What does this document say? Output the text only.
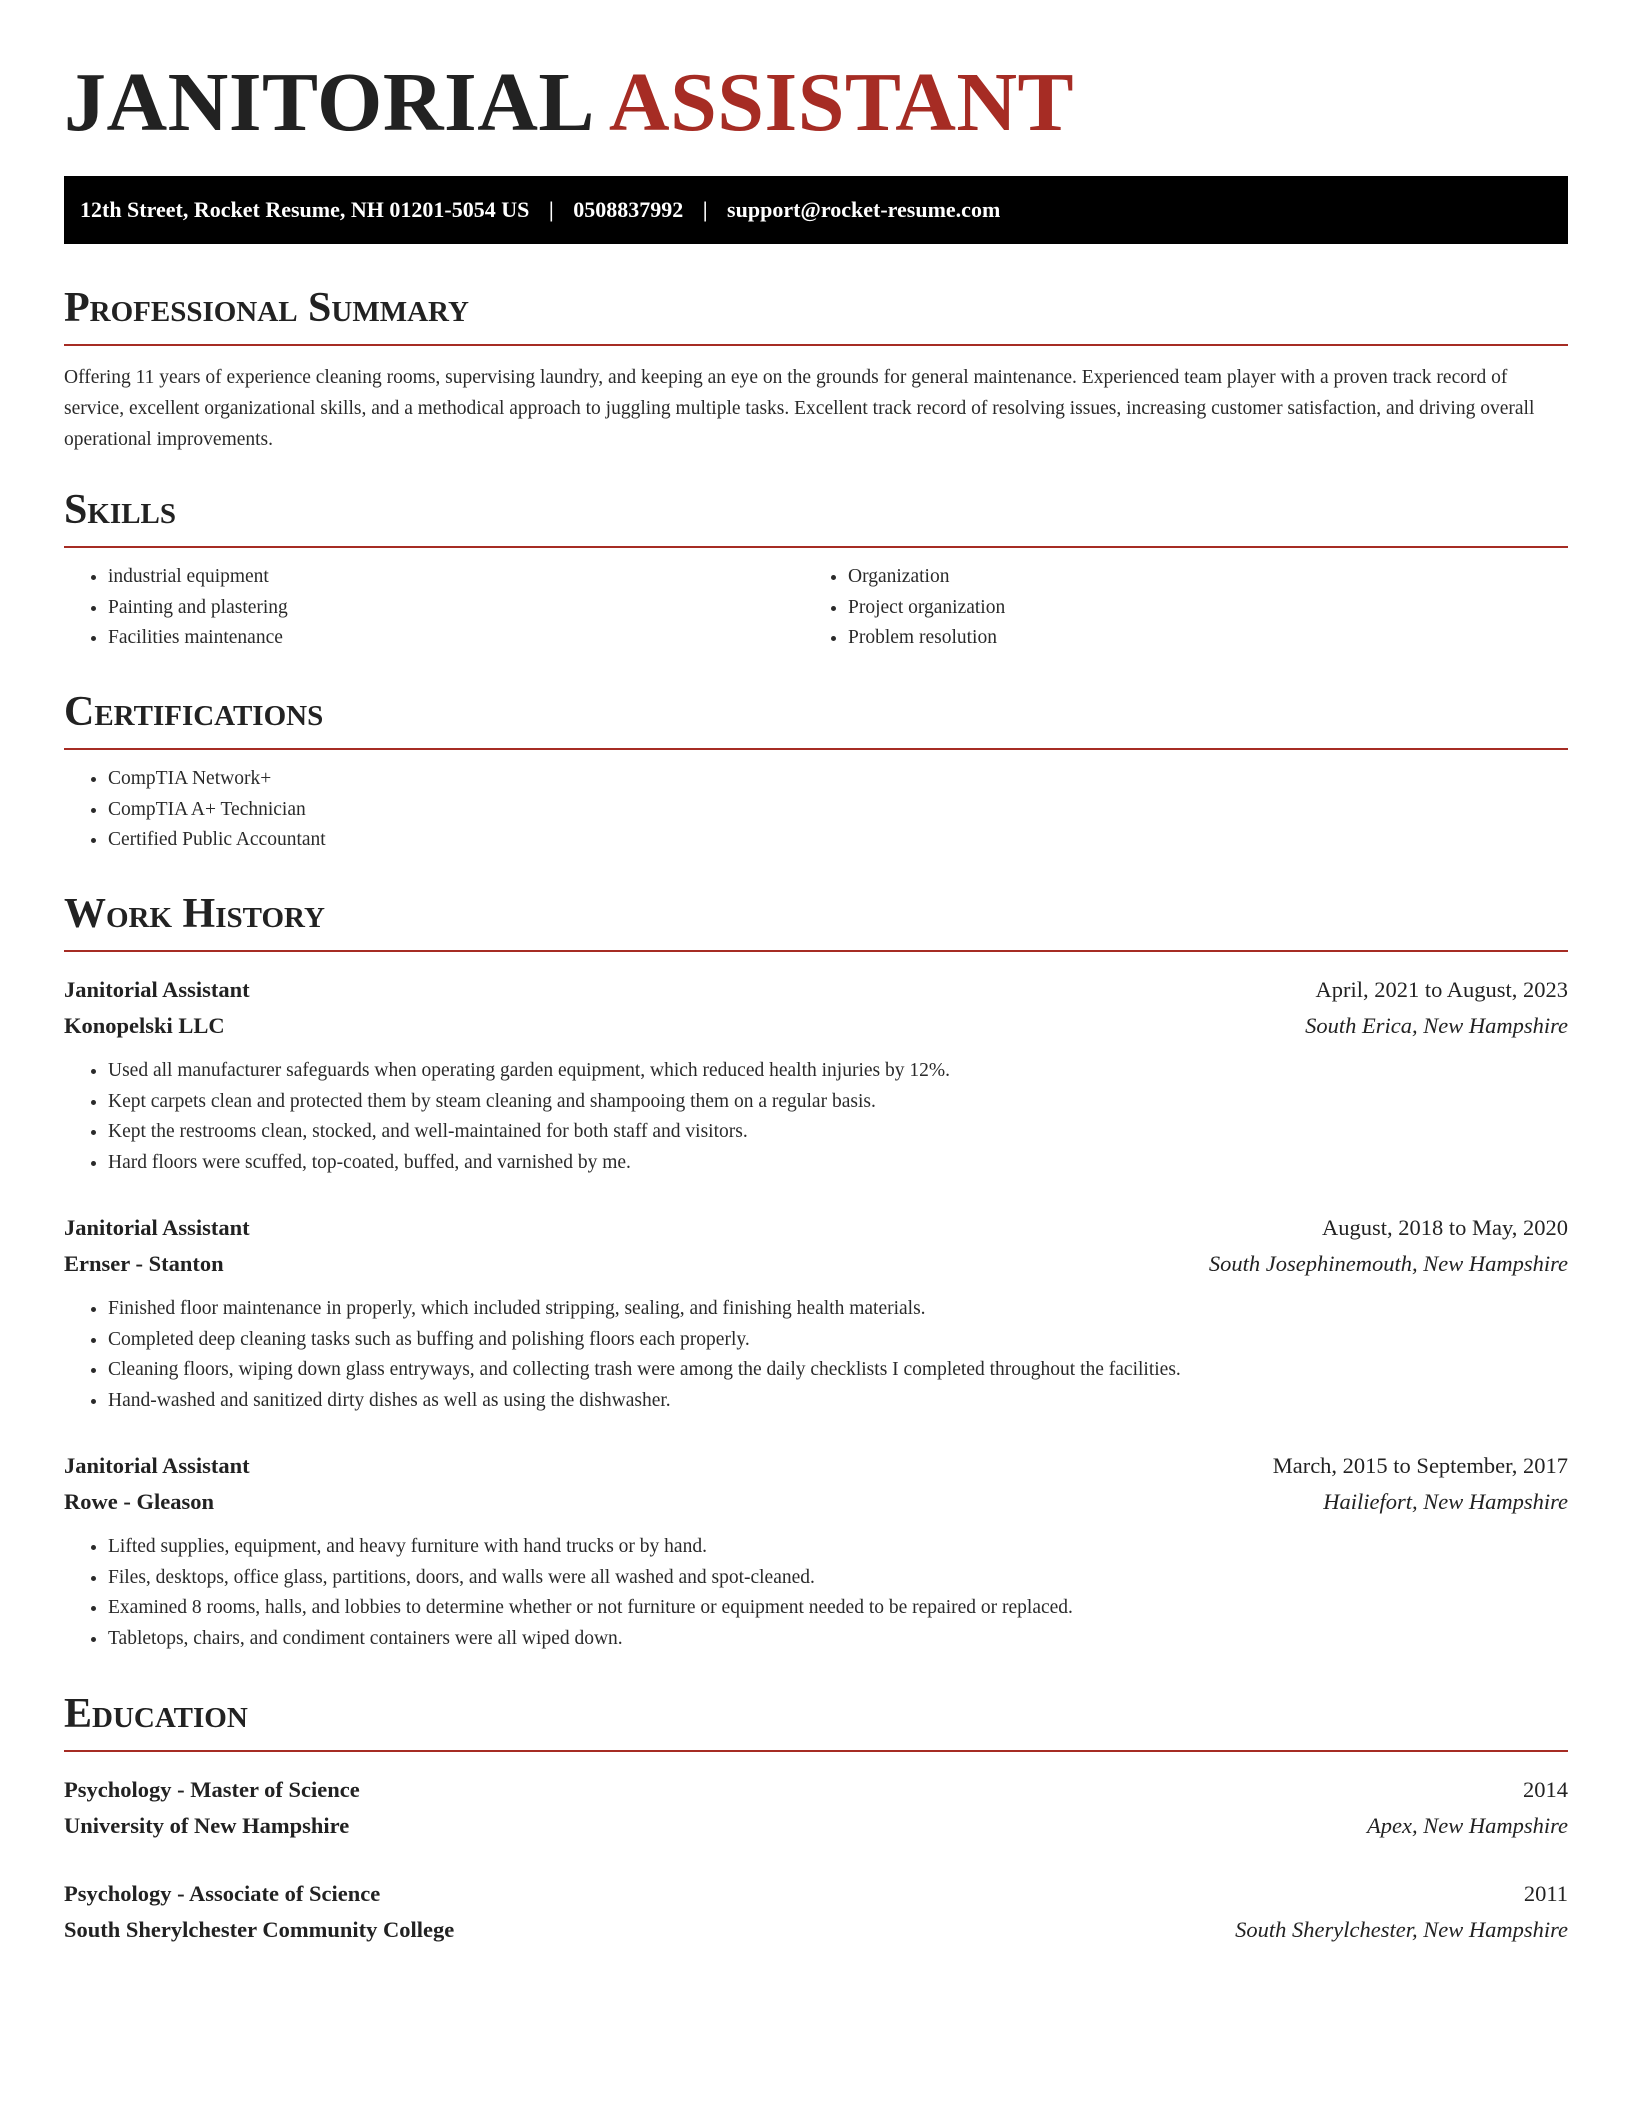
JANITORIAL ASSISTANT
12th Street, Rocket Resume, NH 01201-5054 US | 0508837992 | support@rocket-resume.com
Professional Summary

Offering 11 years of experience cleaning rooms, supervising laundry, and keeping an eye on the grounds for general maintenance. Experienced team player with a proven track record of service, excellent organizational skills, and a methodical approach to juggling multiple tasks. Excellent track record of resolving issues, increasing customer satisfaction, and driving overall operational improvements.

Skills
• industrial equipment
• Painting and plastering
• Facilities maintenance
• Organization
• Project organization
• Problem resolution
Certifications
• CompTIA Network+
• CompTIA A+ Technician
• Certified Public Accountant
Work History
Janitorial Assistant	April, 2021 to August, 2023
Konopelski LLC	South Erica, New Hampshire
• Used all manufacturer safeguards when operating garden equipment, which reduced health injuries by 12%.
• Kept carpets clean and protected them by steam cleaning and shampooing them on a regular basis.
• Kept the restrooms clean, stocked, and well-maintained for both staff and visitors.
• Hard floors were scuffed, top-coated, buffed, and varnished by me.
Janitorial Assistant	August, 2018 to May, 2020
Ernser - Stanton	South Josephinemouth, New Hampshire
• Finished floor maintenance in properly, which included stripping, sealing, and finishing health materials.
• Completed deep cleaning tasks such as buffing and polishing floors each properly.
• Cleaning floors, wiping down glass entryways, and collecting trash were among the daily checklists I completed throughout the facilities.
• Hand-washed and sanitized dirty dishes as well as using the dishwasher.
Janitorial Assistant	March, 2015 to September, 2017
Rowe - Gleason	Hailiefort, New Hampshire
• Lifted supplies, equipment, and heavy furniture with hand trucks or by hand.
• Files, desktops, office glass, partitions, doors, and walls were all washed and spot-cleaned.
• Examined 8 rooms, halls, and lobbies to determine whether or not furniture or equipment needed to be repaired or replaced.
• Tabletops, chairs, and condiment containers were all wiped down.
Education
Psychology - Master of Science	2014
University of New Hampshire	Apex, New Hampshire
Psychology - Associate of Science	2011
South Sherylchester Community College	South Sherylchester, New Hampshire
